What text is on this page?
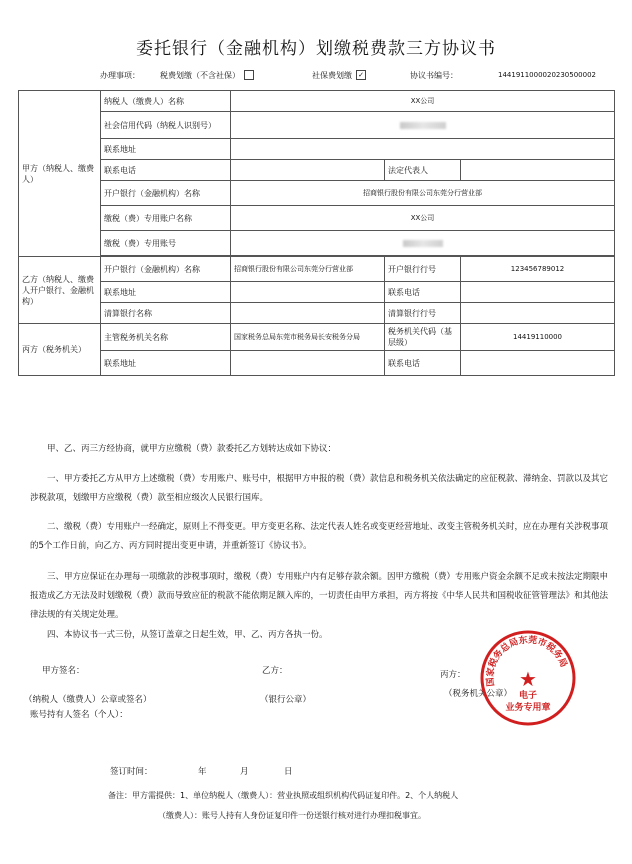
委托银行（金融机构）划缴税费款三方协议书
办理事项：	税费划缴（不含社保）	社保费划缴 ✓	协议书编号：	1441911000020230500002
甲方（纳税人、缴费人）	纳税人（缴费人）名称	XX公司		
	社会信用代码（纳税人识别号）			
	联系地址			
	联系电话		法定代表人	
	开户银行（金融机构）名称	招商银行股份有限公司东莞分行营业部		
	缴税（费）专用账户名称	XX公司		
	缴税（费）专用账号			

乙方（纳税人、缴费人开户银行、金融机构）	开户银行（金融机构）名称	招商银行股份有限公司东莞分行营业部	开户银行行号	123456789012
	联系地址		联系电话	
	清算银行名称		清算银行行号	
丙方（税务机关）	主管税务机关名称	国家税务总局东莞市税务局长安税务分局	税务机关代码（基层级）	14419110000
	联系地址		联系电话	
甲、乙、丙三方经协商，就甲方应缴税（费）款委托乙方划转达成如下协议：
一、甲方委托乙方从甲方上述缴税（费）专用账户、账号中，根据甲方申报的税（费）款信息和税务机关依法确定的应征税款、滞纳金、罚款以及其它涉税款项，划缴甲方应缴税（费）款至相应级次人民银行国库。
二、缴税（费）专用账户一经确定，原则上不得变更。甲方变更名称、法定代表人姓名或变更经营地址、改变主管税务机关时，应在办理有关涉税事项的5个工作日前，向乙方、丙方同时提出变更申请，并重新签订《协议书》。
三、甲方应保证在办理每一项缴款的涉税事项时，缴税（费）专用账户内有足够存款余额。因甲方缴税（费）专用账户资金余额不足或未按法定期限申报造成乙方无法及时划缴税（费）款而导致应征的税款不能依期足额入库的，一切责任由甲方承担，丙方将按《中华人民共和国税收征管管理法》和其他法律法规的有关规定处理。
四、本协议书一式三份，从签订盖章之日起生效，甲、乙、丙方各执一份。
甲方签名：
（纳税人（缴费人）公章或签名）
账号持有人签名（个人）：
乙方：
（银行公章）
丙方：
（税务机关公章）
国家税务总局东莞市税务局
★
电子
业务专用章
签订时间：	年	月	日
备注：甲方需提供：1、单位纳税人（缴费人）：营业执照或组织机构代码证复印件。2、个人纳税人
（缴费人）：账号人持有人身份证复印件一份送银行核对进行办理扣税事宜。
